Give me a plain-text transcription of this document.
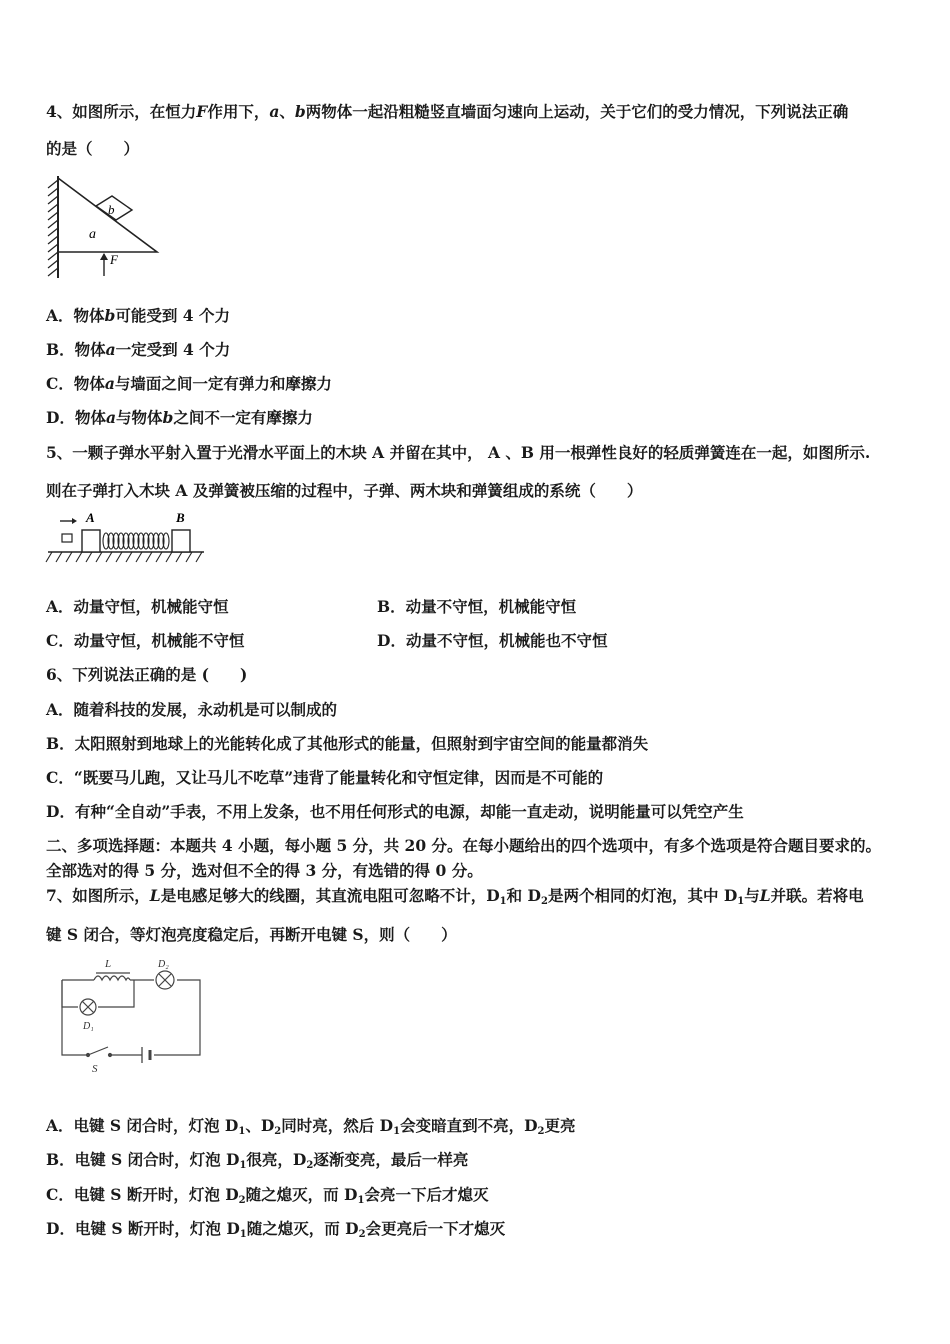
4、如图所示，在恒力F作用下，a、b两物体一起沿粗糙竖直墙面匀速向上运动，关于它们的受力情况，下列说法正确
的是（　　）
b
a
F
A．物体b可能受到 4 个力
B．物体a一定受到 4 个力
C．物体a与墙面之间一定有弹力和摩擦力
D．物体a与物体b之间不一定有摩擦力
5、一颗子弹水平射入置于光滑水平面上的木块 A 并留在其中， A 、B 用一根弹性良好的轻质弹簧连在一起，如图所示.
则在子弹打入木块 A 及弹簧被压缩的过程中，子弹、两木块和弹簧组成的系统（　　）
A	B
A．动量守恒，机械能守恒	B．动量不守恒，机械能守恒
C．动量守恒，机械能不守恒	D．动量不守恒，机械能也不守恒
6、下列说法正确的是 (　　)
A．随着科技的发展，永动机是可以制成的
B．太阳照射到地球上的光能转化成了其他形式的能量，但照射到宇宙空间的能量都消失
C．“既要马儿跑，又让马儿不吃草”违背了能量转化和守恒定律，因而是不可能的
D．有种“全自动”手表，不用上发条，也不用任何形式的电源，却能一直走动，说明能量可以凭空产生
二、多项选择题：本题共 4 小题，每小题 5 分，共 20 分。在每小题给出的四个选项中，有多个选项是符合题目要求的。
全部选对的得 5 分，选对但不全的得 3 分，有选错的得 0 分。
7、如图所示，L是电感足够大的线圈，其直流电阻可忽略不计，$D_1$和 $D_2$是两个相同的灯泡，其中 $D_1$与L并联。若将电
键 S 闭合，等灯泡亮度稳定后，再断开电键 S，则（　　）
L	D₂
D₁
S
A．电键 S 闭合时，灯泡 $D_1$、$D_2$同时亮，然后 $D_1$会变暗直到不亮，$D_2$更亮
B．电键 S 闭合时，灯泡 $D_1$很亮，$D_2$逐渐变亮，最后一样亮
C．电键 S 断开时，灯泡 $D_2$随之熄灭，而 $D_1$会亮一下后才熄灭
D．电键 S 断开时，灯泡 $D_1$随之熄灭，而 $D_2$会更亮后一下才熄灭
